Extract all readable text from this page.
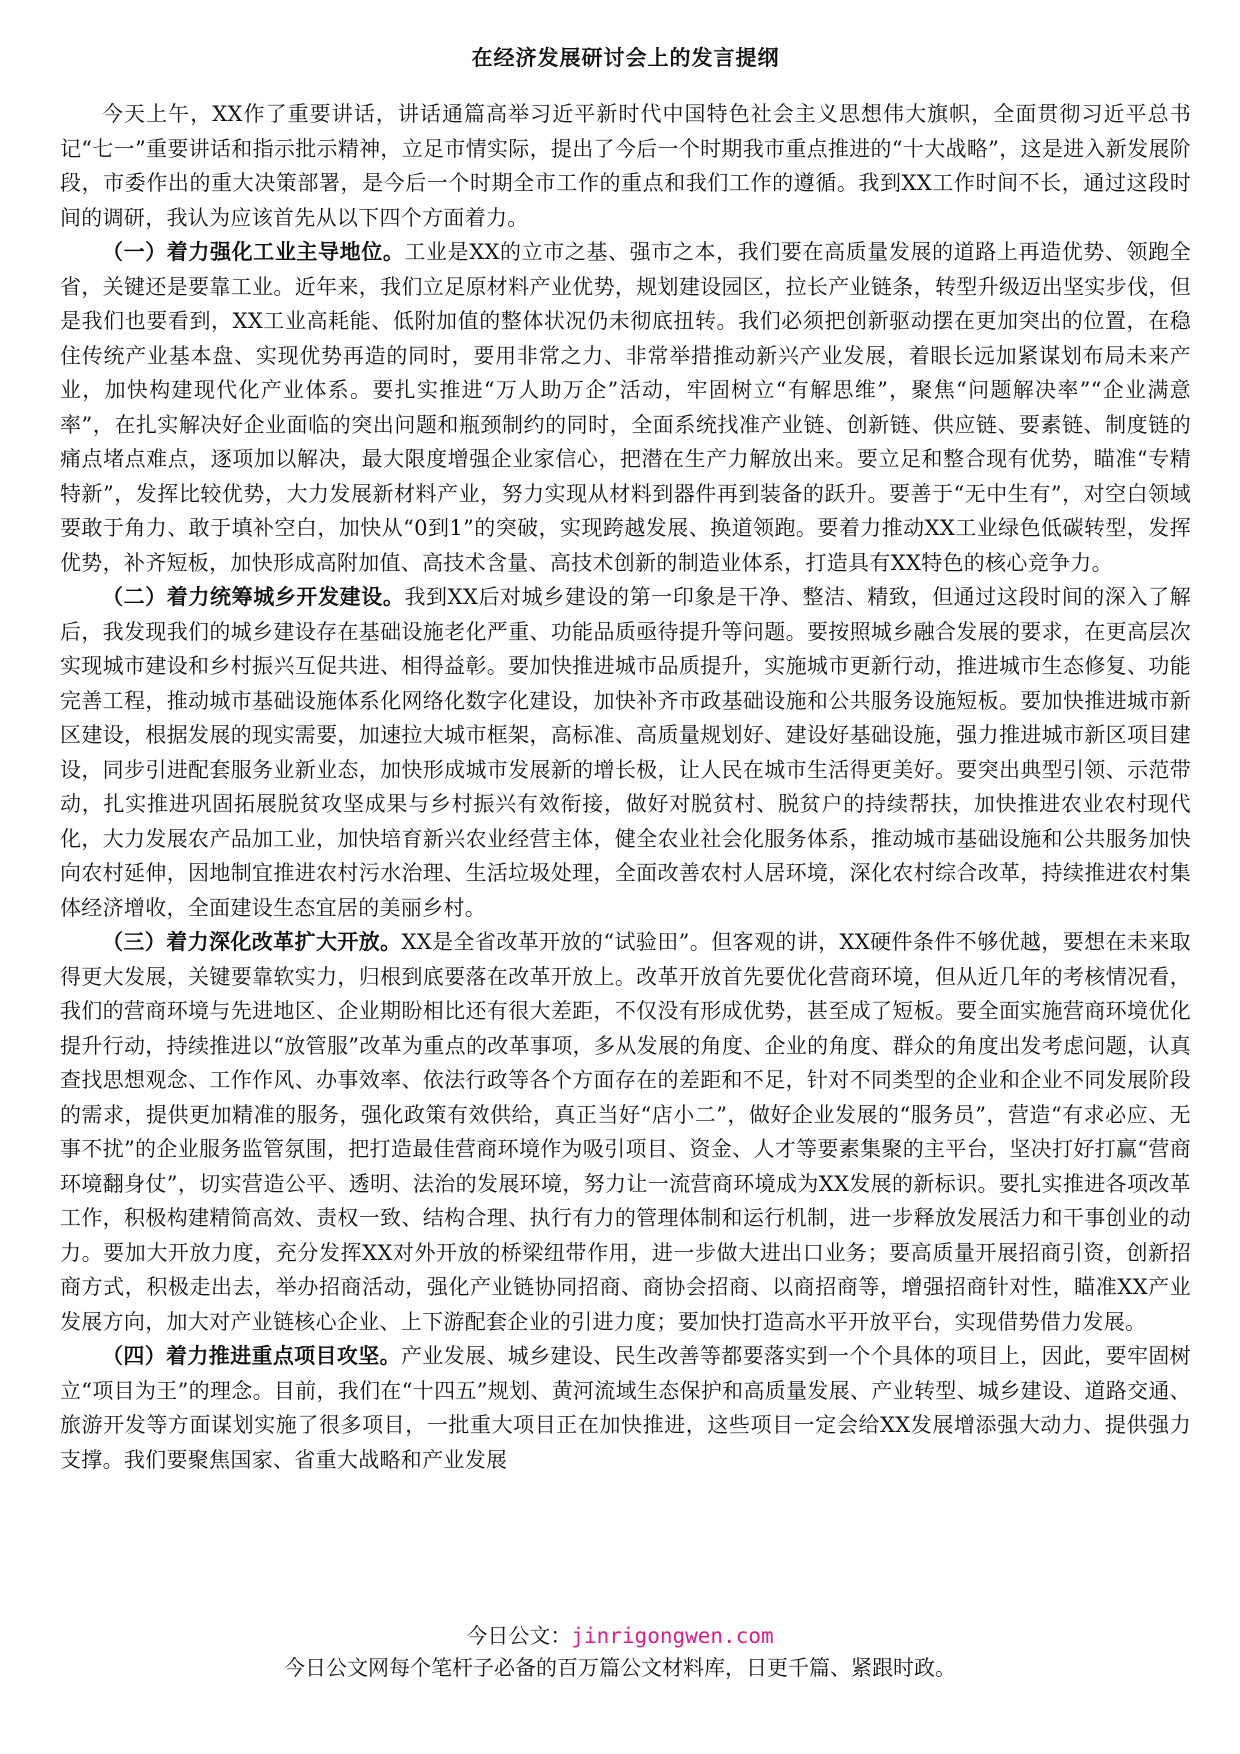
在经济发展研讨会上的发言提纲

今天上午，XX作了重要讲话，讲话通篇高举习近平新时代中国特色社会主义思想伟大旗帜，全面贯彻习近平总书记“七一”重要讲话和指示批示精神，立足市情实际，提出了今后一个时期我市重点推进的“十大战略”，这是进入新发展阶段，市委作出的重大决策部署，是今后一个时期全市工作的重点和我们工作的遵循。我到XX工作时间不长，通过这段时间的调研，我认为应该首先从以下四个方面着力。

（一）着力强化工业主导地位。工业是XX的立市之基、强市之本，我们要在高质量发展的道路上再造优势、领跑全省，关键还是要靠工业。近年来，我们立足原材料产业优势，规划建设园区，拉长产业链条，转型升级迈出坚实步伐，但是我们也要看到，XX工业高耗能、低附加值的整体状况仍未彻底扭转。我们必须把创新驱动摆在更加突出的位置，在稳住传统产业基本盘、实现优势再造的同时，要用非常之力、非常举措推动新兴产业发展，着眼长远加紧谋划布局未来产业，加快构建现代化产业体系。要扎实推进“万人助万企”活动，牢固树立“有解思维”，聚焦“问题解决率”“企业满意率”，在扎实解决好企业面临的突出问题和瓶颈制约的同时，全面系统找准产业链、创新链、供应链、要素链、制度链的痛点堵点难点，逐项加以解决，最大限度增强企业家信心，把潜在生产力解放出来。要立足和整合现有优势，瞄准“专精特新”，发挥比较优势，大力发展新材料产业，努力实现从材料到器件再到装备的跃升。要善于“无中生有”，对空白领域要敢于角力、敢于填补空白，加快从“0到1”的突破，实现跨越发展、换道领跑。要着力推动XX工业绿色低碳转型，发挥优势，补齐短板，加快形成高附加值、高技术含量、高技术创新的制造业体系，打造具有XX特色的核心竞争力。

（二）着力统筹城乡开发建设。我到XX后对城乡建设的第一印象是干净、整洁、精致，但通过这段时间的深入了解后，我发现我们的城乡建设存在基础设施老化严重、功能品质亟待提升等问题。要按照城乡融合发展的要求，在更高层次实现城市建设和乡村振兴互促共进、相得益彰。要加快推进城市品质提升，实施城市更新行动，推进城市生态修复、功能完善工程，推动城市基础设施体系化网络化数字化建设，加快补齐市政基础设施和公共服务设施短板。要加快推进城市新区建设，根据发展的现实需要，加速拉大城市框架，高标准、高质量规划好、建设好基础设施，强力推进城市新区项目建设，同步引进配套服务业新业态，加快形成城市发展新的增长极，让人民在城市生活得更美好。要突出典型引领、示范带动，扎实推进巩固拓展脱贫攻坚成果与乡村振兴有效衔接，做好对脱贫村、脱贫户的持续帮扶，加快推进农业农村现代化，大力发展农产品加工业，加快培育新兴农业经营主体，健全农业社会化服务体系，推动城市基础设施和公共服务加快向农村延伸，因地制宜推进农村污水治理、生活垃圾处理，全面改善农村人居环境，深化农村综合改革，持续推进农村集体经济增收，全面建设生态宜居的美丽乡村。

（三）着力深化改革扩大开放。XX是全省改革开放的“试验田”。但客观的讲，XX硬件条件不够优越，要想在未来取得更大发展，关键要靠软实力，归根到底要落在改革开放上。改革开放首先要优化营商环境，但从近几年的考核情况看，我们的营商环境与先进地区、企业期盼相比还有很大差距，不仅没有形成优势，甚至成了短板。要全面实施营商环境优化提升行动，持续推进以“放管服”改革为重点的改革事项，多从发展的角度、企业的角度、群众的角度出发考虑问题，认真查找思想观念、工作作风、办事效率、依法行政等各个方面存在的差距和不足，针对不同类型的企业和企业不同发展阶段的需求，提供更加精准的服务，强化政策有效供给，真正当好“店小二”，做好企业发展的“服务员”，营造“有求必应、无事不扰”的企业服务监管氛围，把打造最佳营商环境作为吸引项目、资金、人才等要素集聚的主平台，坚决打好打赢“营商环境翻身仗”，切实营造公平、透明、法治的发展环境，努力让一流营商环境成为XX发展的新标识。要扎实推进各项改革工作，积极构建精简高效、责权一致、结构合理、执行有力的管理体制和运行机制，进一步释放发展活力和干事创业的动力。要加大开放力度，充分发挥XX对外开放的桥梁纽带作用，进一步做大进出口业务；要高质量开展招商引资，创新招商方式，积极走出去，举办招商活动，强化产业链协同招商、商协会招商、以商招商等，增强招商针对性，瞄准XX产业发展方向，加大对产业链核心企业、上下游配套企业的引进力度；要加快打造高水平开放平台，实现借势借力发展。

（四）着力推进重点项目攻坚。产业发展、城乡建设、民生改善等都要落实到一个个具体的项目上，因此，要牢固树立“项目为王”的理念。目前，我们在“十四五”规划、黄河流域生态保护和高质量发展、产业转型、城乡建设、道路交通、旅游开发等方面谋划实施了很多项目，一批重大项目正在加快推进，这些项目一定会给XX发展增添强大动力、提供强力支撑。我们要聚焦国家、省重大战略和产业发展

今日公文：jinrigongwen.com
今日公文网每个笔杆子必备的百万篇公文材料库，日更千篇、紧跟时政。
